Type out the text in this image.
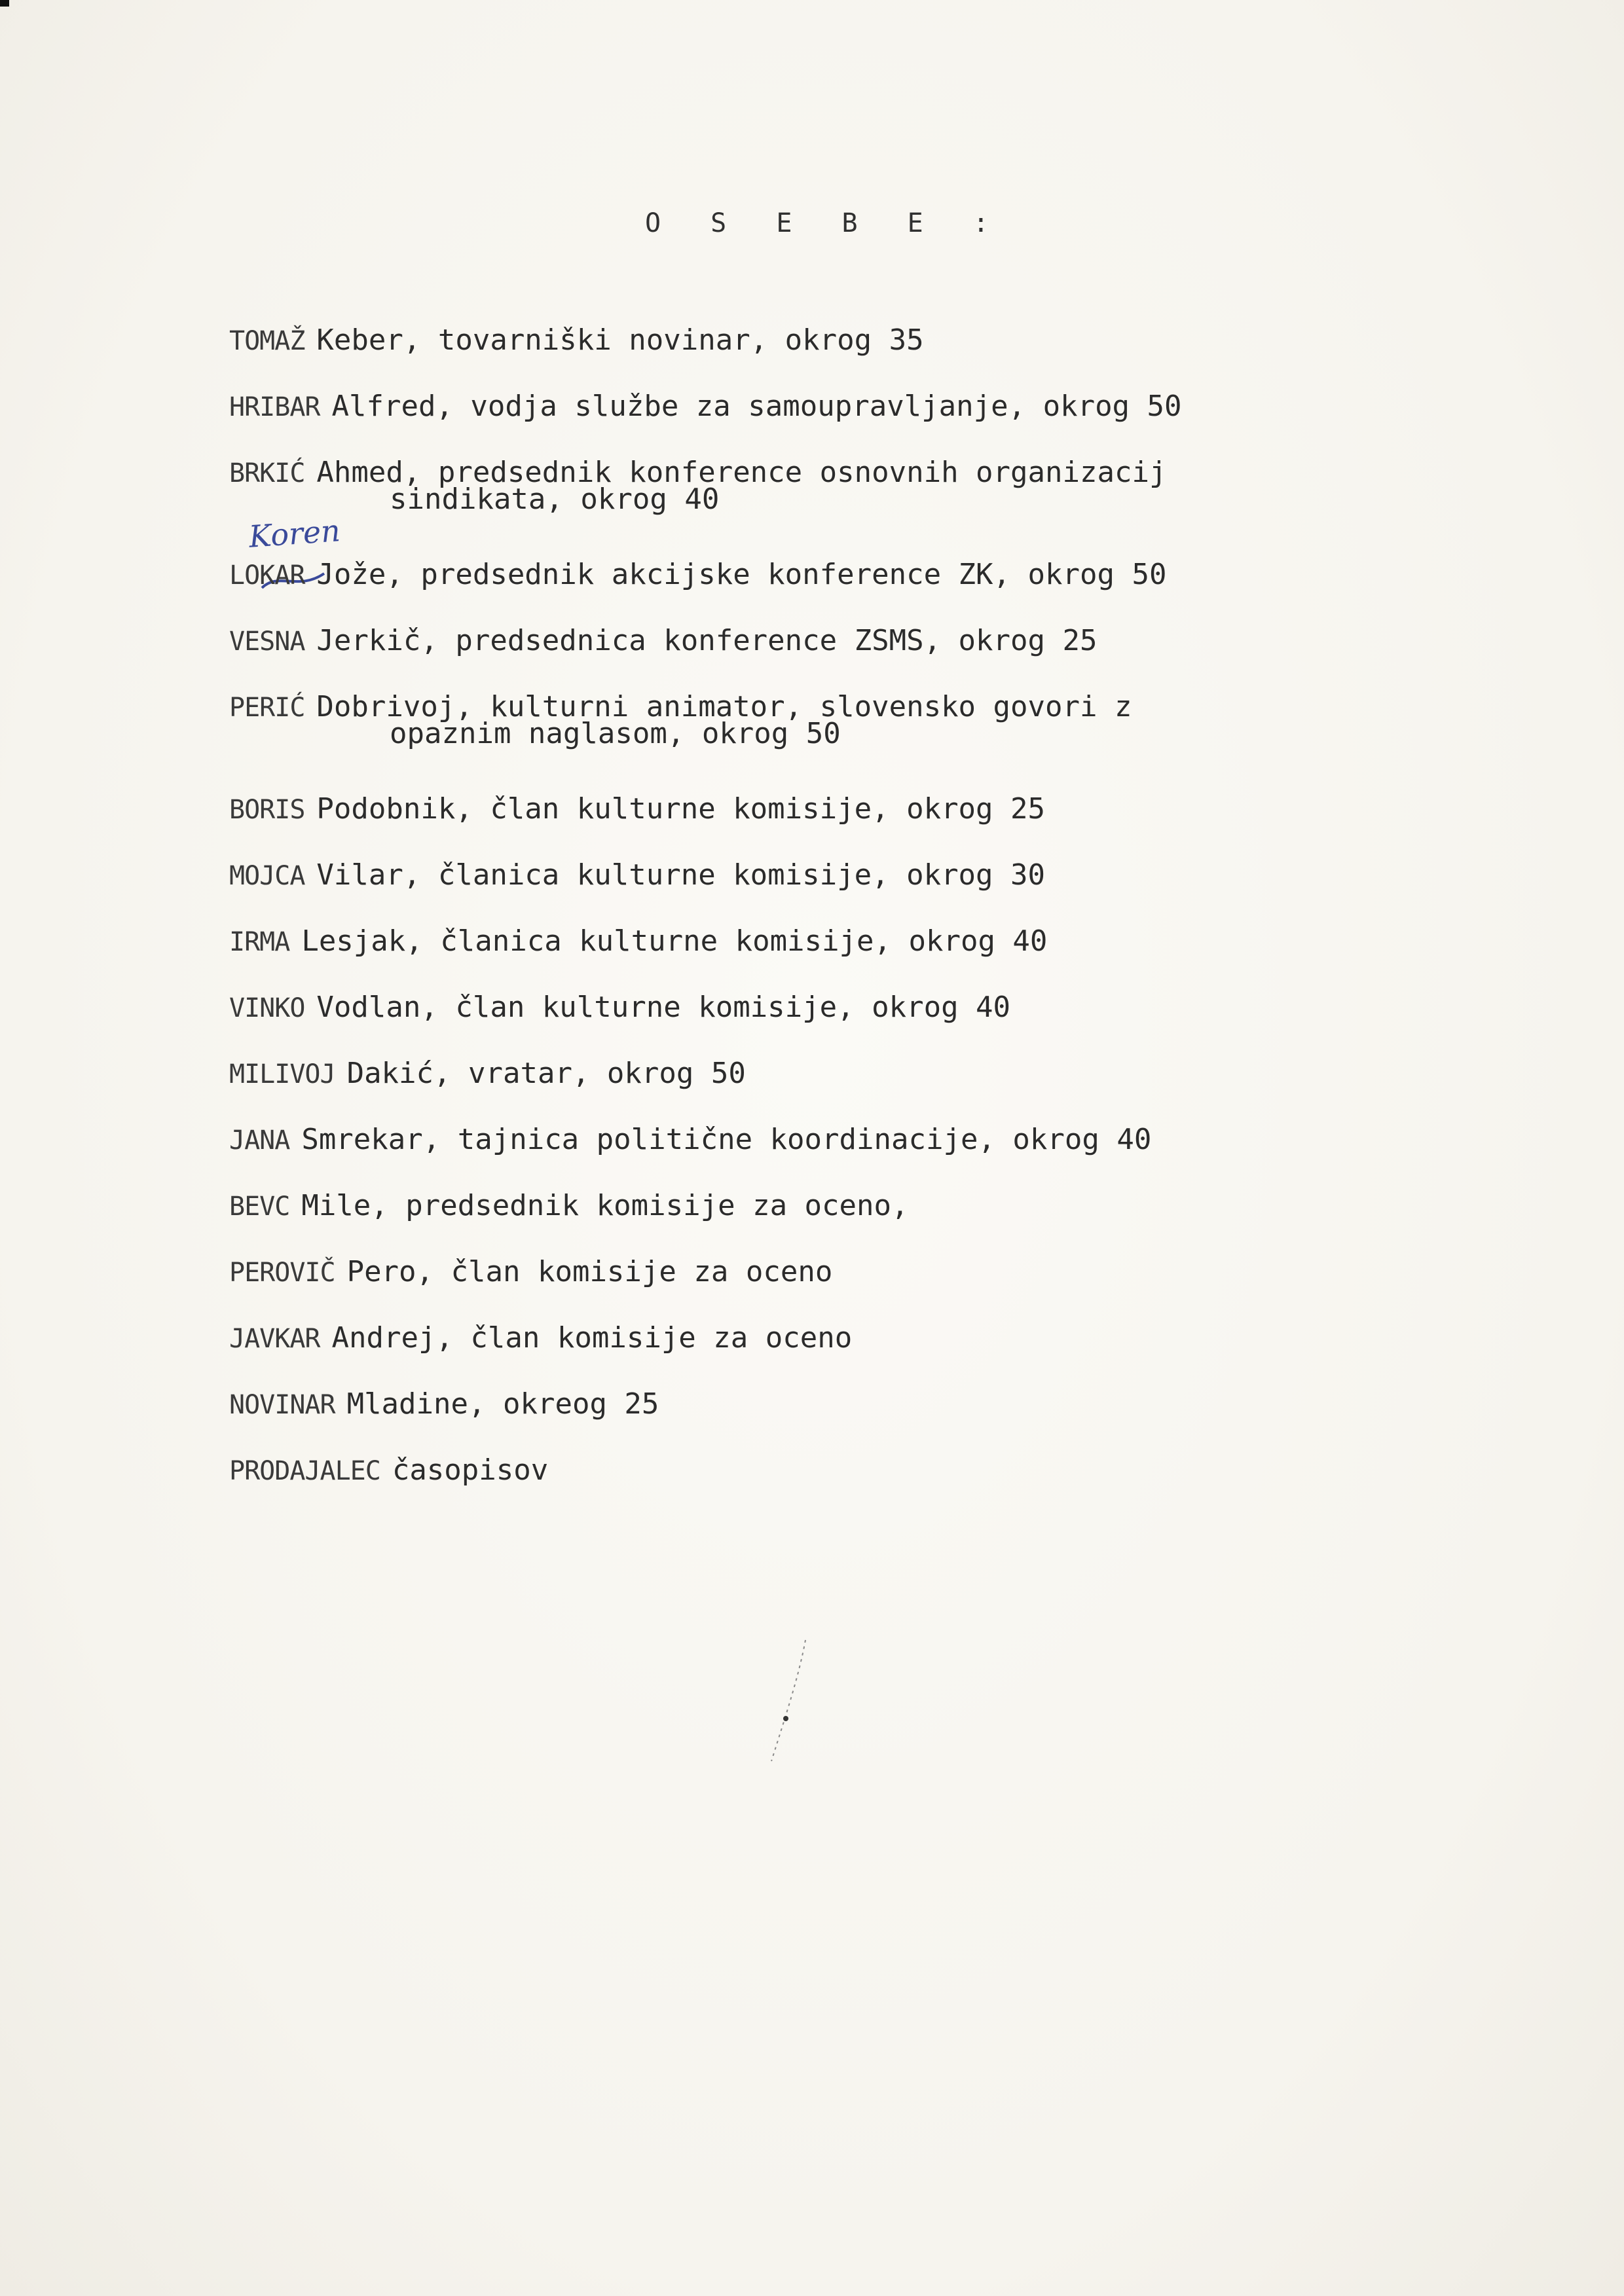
O S E B E :
Koren
TOMAŽ Keber, tovarniški novinar, okrog 35
HRIBAR Alfred, vodja službe za samoupravljanje, okrog 50
BRKIĆ Ahmed, predsednik konference osnovnih organizacij
sindikata, okrog 40
LOKAR Jože, predsednik akcijske konference ZK, okrog 50
VESNA Jerkič, predsednica konference ZSMS, okrog 25
PERIĆ Dobrivoj, kulturni animator, slovensko govori z
opaznim naglasom, okrog 50
BORIS Podobnik, član kulturne komisije, okrog 25
MOJCA Vilar, članica kulturne komisije, okrog 30
IRMA Lesjak, članica kulturne komisije, okrog 40
VINKO Vodlan, član kulturne komisije, okrog 40
MILIVOJ Dakić, vratar, okrog 50
JANA Smrekar, tajnica politične koordinacije, okrog 40
BEVC Mile, predsednik komisije za oceno,
PEROVIČ Pero, član komisije za oceno
JAVKAR Andrej, član komisije za oceno
NOVINAR Mladine, okreog 25
PRODAJALEC časopisov
